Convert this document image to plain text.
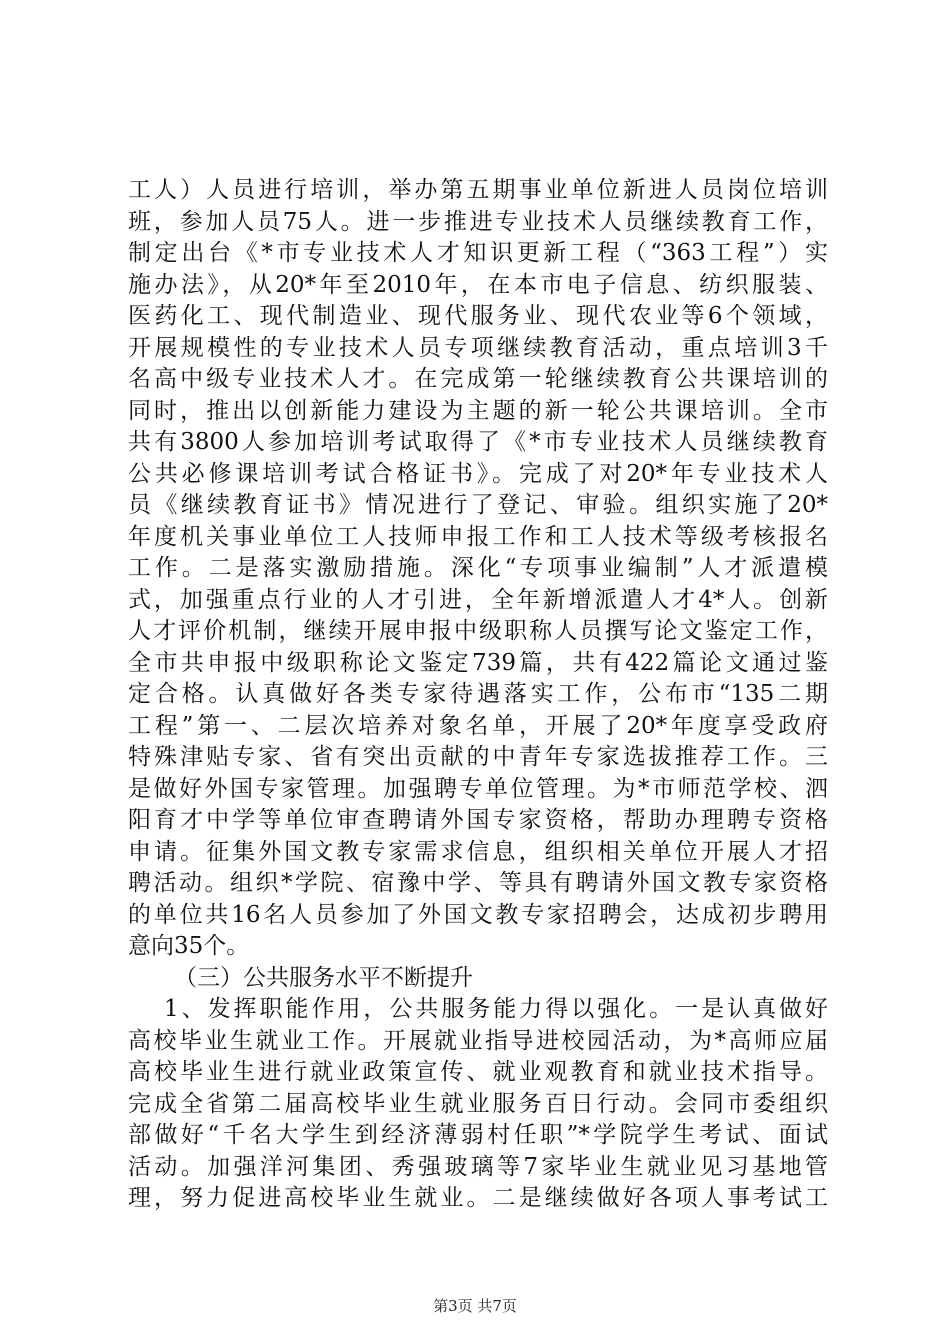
工人）人员进行培训，举办第五期事业单位新进人员岗位培训
班，参加人员75人。进一步推进专业技术人员继续教育工作，
制定出台《*市专业技术人才知识更新工程（“363工程”）实
施办法》，从20*年至2010年，在本市电子信息、纺织服装、
医药化工、现代制造业、现代服务业、现代农业等6个领域，
开展规模性的专业技术人员专项继续教育活动，重点培训3千
名高中级专业技术人才。在完成第一轮继续教育公共课培训的
同时，推出以创新能力建设为主题的新一轮公共课培训。全市
共有3800人参加培训考试取得了《*市专业技术人员继续教育
公共必修课培训考试合格证书》。完成了对20*年专业技术人
员《继续教育证书》情况进行了登记、审验。组织实施了20*
年度机关事业单位工人技师申报工作和工人技术等级考核报名
工作。二是落实激励措施。深化“专项事业编制”人才派遣模
式，加强重点行业的人才引进，全年新增派遣人才4*人。创新
人才评价机制，继续开展申报中级职称人员撰写论文鉴定工作，
全市共申报中级职称论文鉴定739篇，共有422篇论文通过鉴
定合格。认真做好各类专家待遇落实工作，公布市“135二期
工程”第一、二层次培养对象名单，开展了20*年度享受政府
特殊津贴专家、省有突出贡献的中青年专家选拔推荐工作。三
是做好外国专家管理。加强聘专单位管理。为*市师范学校、泗
阳育才中学等单位审查聘请外国专家资格，帮助办理聘专资格
申请。征集外国文教专家需求信息，组织相关单位开展人才招
聘活动。组织*学院、宿豫中学、等具有聘请外国文教专家资格
的单位共16名人员参加了外国文教专家招聘会，达成初步聘用
意向35个。
（三）公共服务水平不断提升
1、发挥职能作用，公共服务能力得以强化。一是认真做好
高校毕业生就业工作。开展就业指导进校园活动，为*高师应届
高校毕业生进行就业政策宣传、就业观教育和就业技术指导。
完成全省第二届高校毕业生就业服务百日行动。会同市委组织
部做好“千名大学生到经济薄弱村任职”*学院学生考试、面试
活动。加强洋河集团、秀强玻璃等7家毕业生就业见习基地管
理，努力促进高校毕业生就业。二是继续做好各项人事考试工
第3页 共7页
